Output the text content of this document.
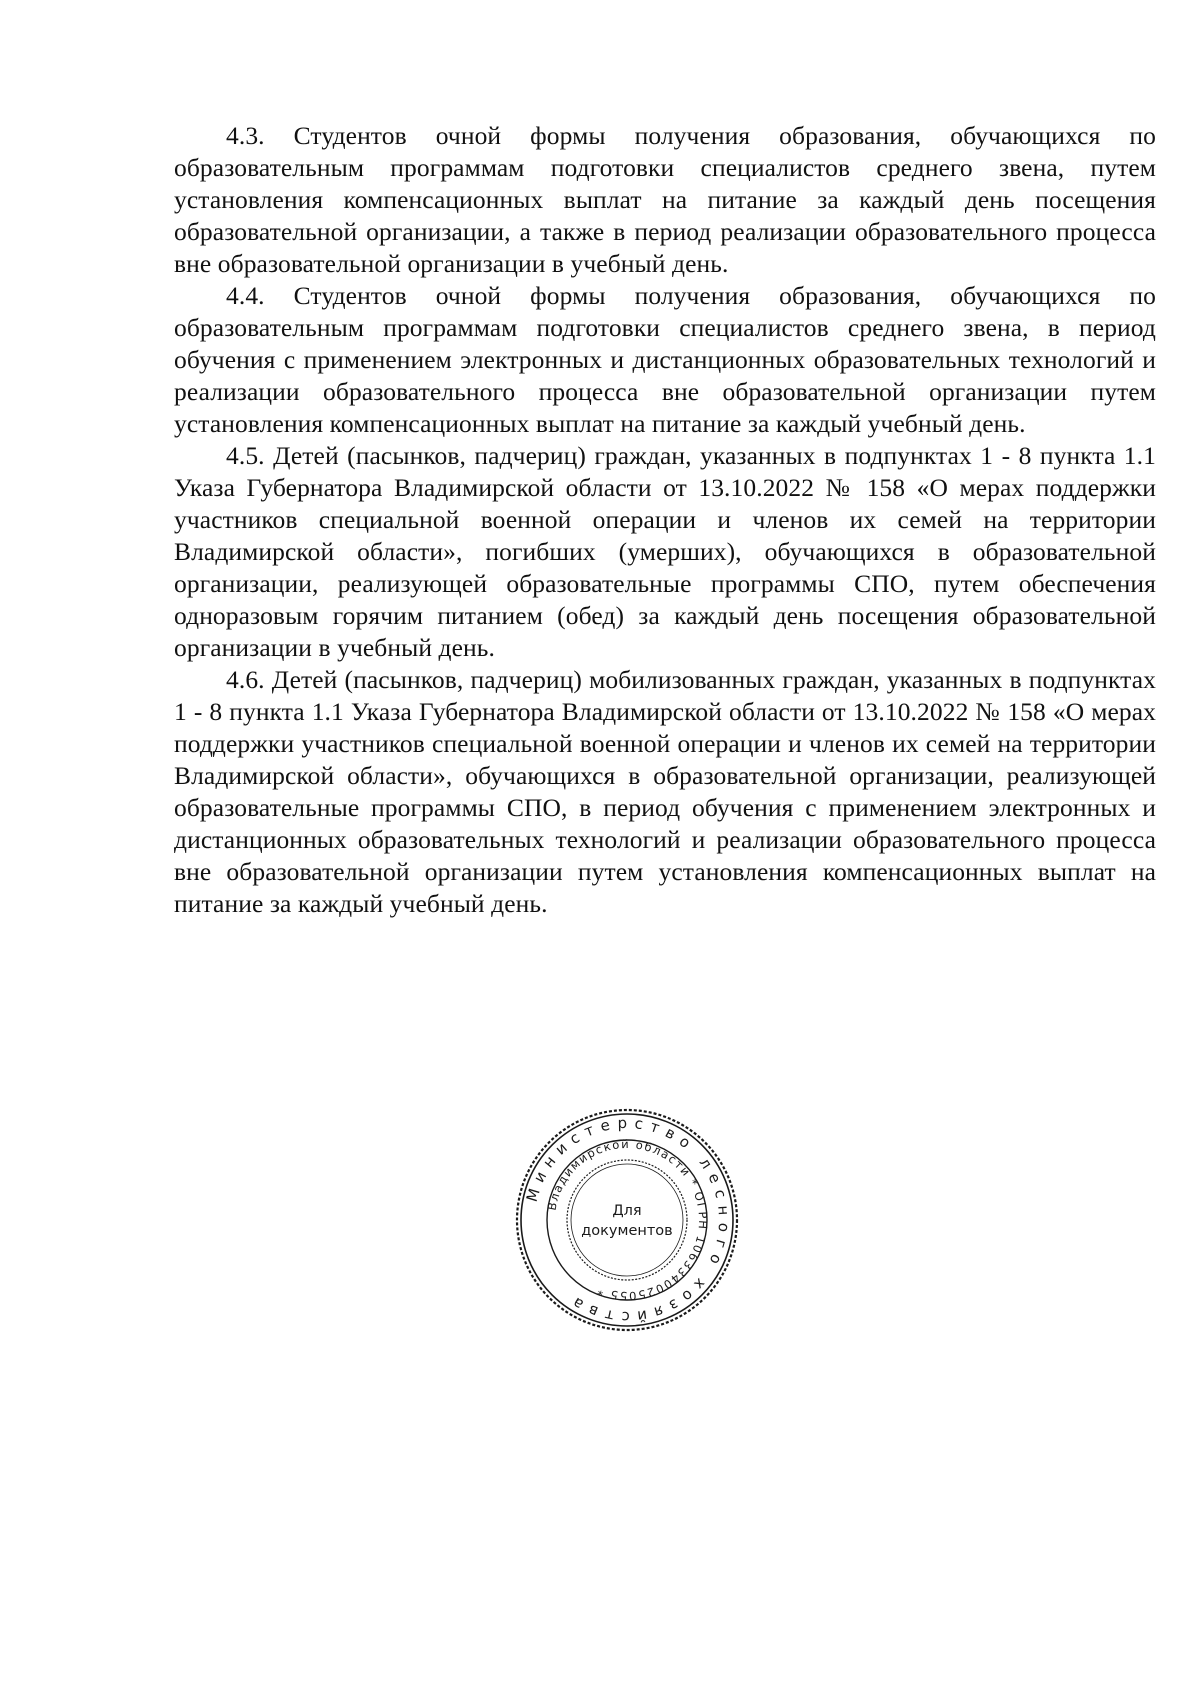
4.3. Студентов очной формы получения образования, обучающихся по образовательным программам подготовки специалистов среднего звена, путем установления компенсационных выплат на питание за каждый день посещения образовательной организации, а также в период реализации образовательного процесса вне образовательной организации в учебный день.

4.4. Студентов очной формы получения образования, обучающихся по образовательным программам подготовки специалистов среднего звена, в период обучения с применением электронных и дистанционных образовательных технологий и реализации образовательного процесса вне образовательной организации путем установления компенсационных выплат на питание за каждый учебный день.

4.5. Детей (пасынков, падчериц) граждан, указанных в подпунктах 1 - 8 пункта 1.1 Указа Губернатора Владимирской области от 13.10.2022 № 158 «О мерах поддержки участников специальной военной операции и членов их семей на территории Владимирской области», погибших (умерших), обучающихся в образовательной организации, реализующей образовательные программы СПО, путем обеспечения одноразовым горячим питанием (обед) за каждый день посещения образовательной организации в учебный день.

4.6. Детей (пасынков, падчериц) мобилизованных граждан, указанных в подпунктах 1 - 8 пункта 1.1 Указа Губернатора Владимирской области от 13.10.2022 № 158 «О мерах поддержки участников специальной военной операции и членов их семей на территории Владимирской области», обучающихся в образовательной организации, реализующей образовательные программы СПО, в период обучения с применением электронных и дистанционных образовательных технологий и реализации образовательного процесса вне образовательной организации путем установления компенсационных выплат на питание за каждый учебный день.

Министерство лесного хозяйства
Владимирской области * ОГРН 1063340025055 *
Для
документов
